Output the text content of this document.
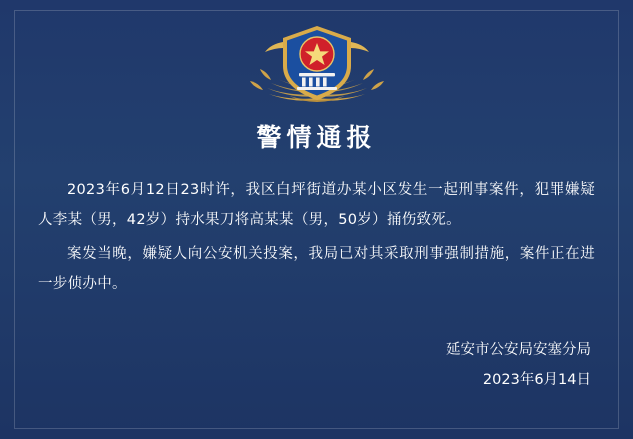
警情通报

2023年6月12日23时许，我区白坪街道办某小区发生一起刑事案件，犯罪嫌疑人李某（男，42岁）持水果刀将高某某（男，50岁）捅伤致死。

案发当晚，嫌疑人向公安机关投案，我局已对其采取刑事强制措施，案件正在进一步侦办中。

延安市公安局安塞分局
2023年6月14日
